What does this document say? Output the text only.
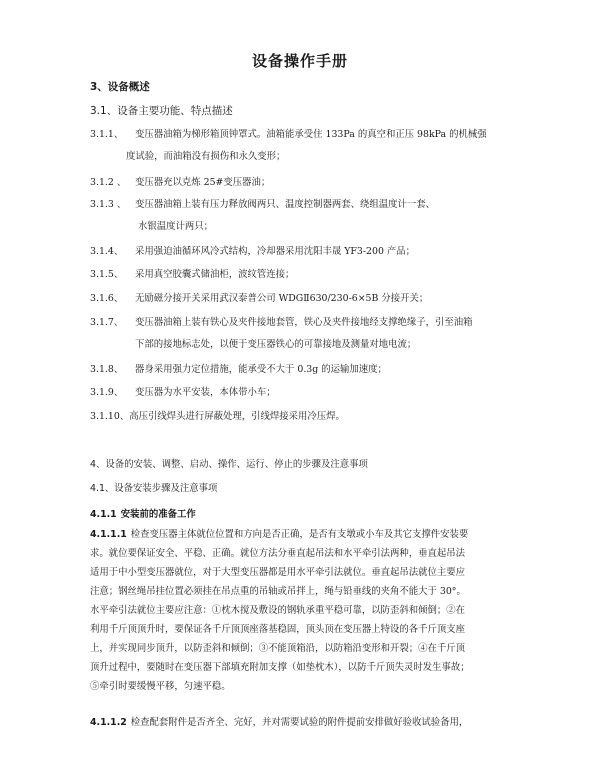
设备操作手册
3、设备概述
3.1、设备主要功能、特点描述
3.1.1、 变压器油箱为梯形箱顶钟罩式。油箱能承受住 133Pa 的真空和正压 98kPa 的机械强
度试验，而油箱没有损伤和永久变形；
3.1.2 、 变压器充以克炼 25#变压器油；
3.1.3 、 变压器油箱上装有压力释放阀两只、温度控制器两套、绕组温度计一套、
水银温度计两只；
3.1.4、 采用强迫油循环风冷式结构，冷却器采用沈阳丰晟 YF3-200 产品；
3.1.5、 采用真空胶囊式储油柜，波纹管连接；
3.1.6、 无励磁分接开关采用武汉泰普公司 WDGⅡ630/230-6×5B 分接开关；
3.1.7、 变压器油箱上装有铁心及夹件接地套管，铁心及夹件接地经支撑绝缘子，引至油箱
下部的接地标志处，以便于变压器铁心的可靠接地及测量对地电流；
3.1.8、 器身采用强力定位措施，能承受不大于 0.3g 的运输加速度；
3.1.9、 变压器为水平安装，本体带小车；
3.1.10、高压引线焊头进行屏蔽处理，引线焊接采用冷压焊。
4、设备的安装、调整、启动、操作、运行、停止的步骤及注意事项
4.1、设备安装步骤及注意事项
4.1.1 安装前的准备工作
4.1.1.1 检查变压器主体就位位置和方向是否正确，是否有支墩或小车及其它支撑件安装要
求。就位要保证安全、平稳、正确。就位方法分垂直起吊法和水平牵引法两种，垂直起吊法
适用于中小型变压器就位，对于大型变压器都是用水平牵引法就位。垂直起吊法就位主要应
注意；钢丝绳吊挂位置必须挂在吊点重的吊轴或吊拌上，绳与铅垂线的夹角不能大于 30°。
水平牵引法就位主要应注意：①枕木搅及敷设的钢轨承重平稳可靠，以防歪斜和倾倒；②在
利用千斤顶顶升时，要保证各千斤顶顶座落基稳固，顶头顶在变压器上特设的各千斤顶支座
上，并实现同步顶升，以防歪斜和倾倒；③不能顶箱沿，以防箱沿变形和开裂；④在千斤顶
顶升过程中，要随时在变压器下部填充附加支撑（如垫枕木），以防千斤顶失灵时发生事故；
⑤牵引时要缓慢平移，匀速平稳。
4.1.1.2 检查配套附件是否齐全、完好，并对需要试验的附件提前安排做好验收试验备用，
